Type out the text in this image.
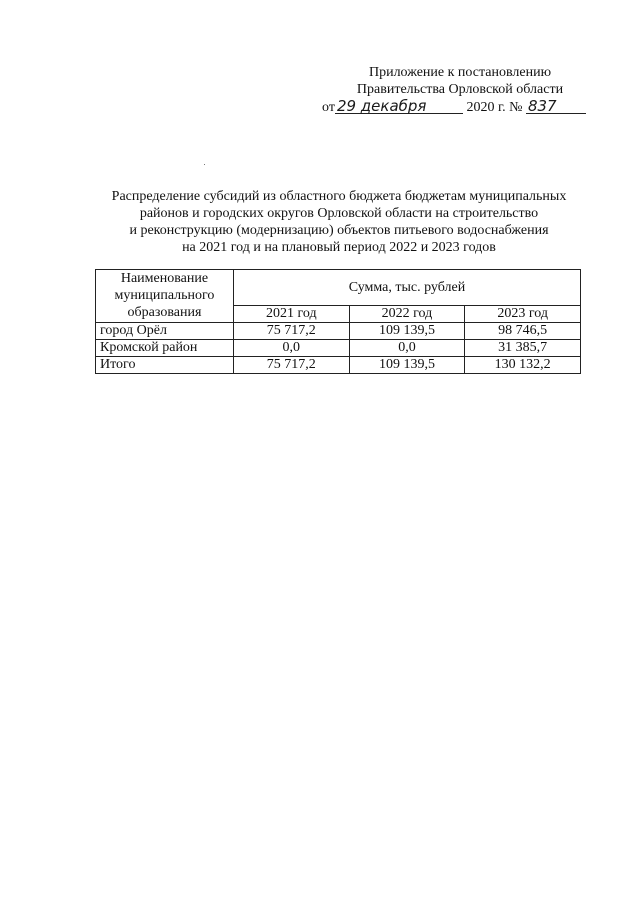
Приложение к постановлению
Правительства Орловской области
от 29 декабря	2020 г. № 837
Распределение субсидий из областного бюджета бюджетам муниципальных
районов и городских округов Орловской области на строительство
и реконструкцию (модернизацию) объектов питьевого водоснабжения
на 2021 год и на плановый период 2022 и 2023 годов
Наименование
муниципального
образования	Сумма, тыс. рублей		
	2021 год	2022 год	2023 год
город Орёл	75 717,2	109 139,5	98 746,5
Кромской район	0,0	0,0	31 385,7
Итого	75 717,2	109 139,5	130 132,2
